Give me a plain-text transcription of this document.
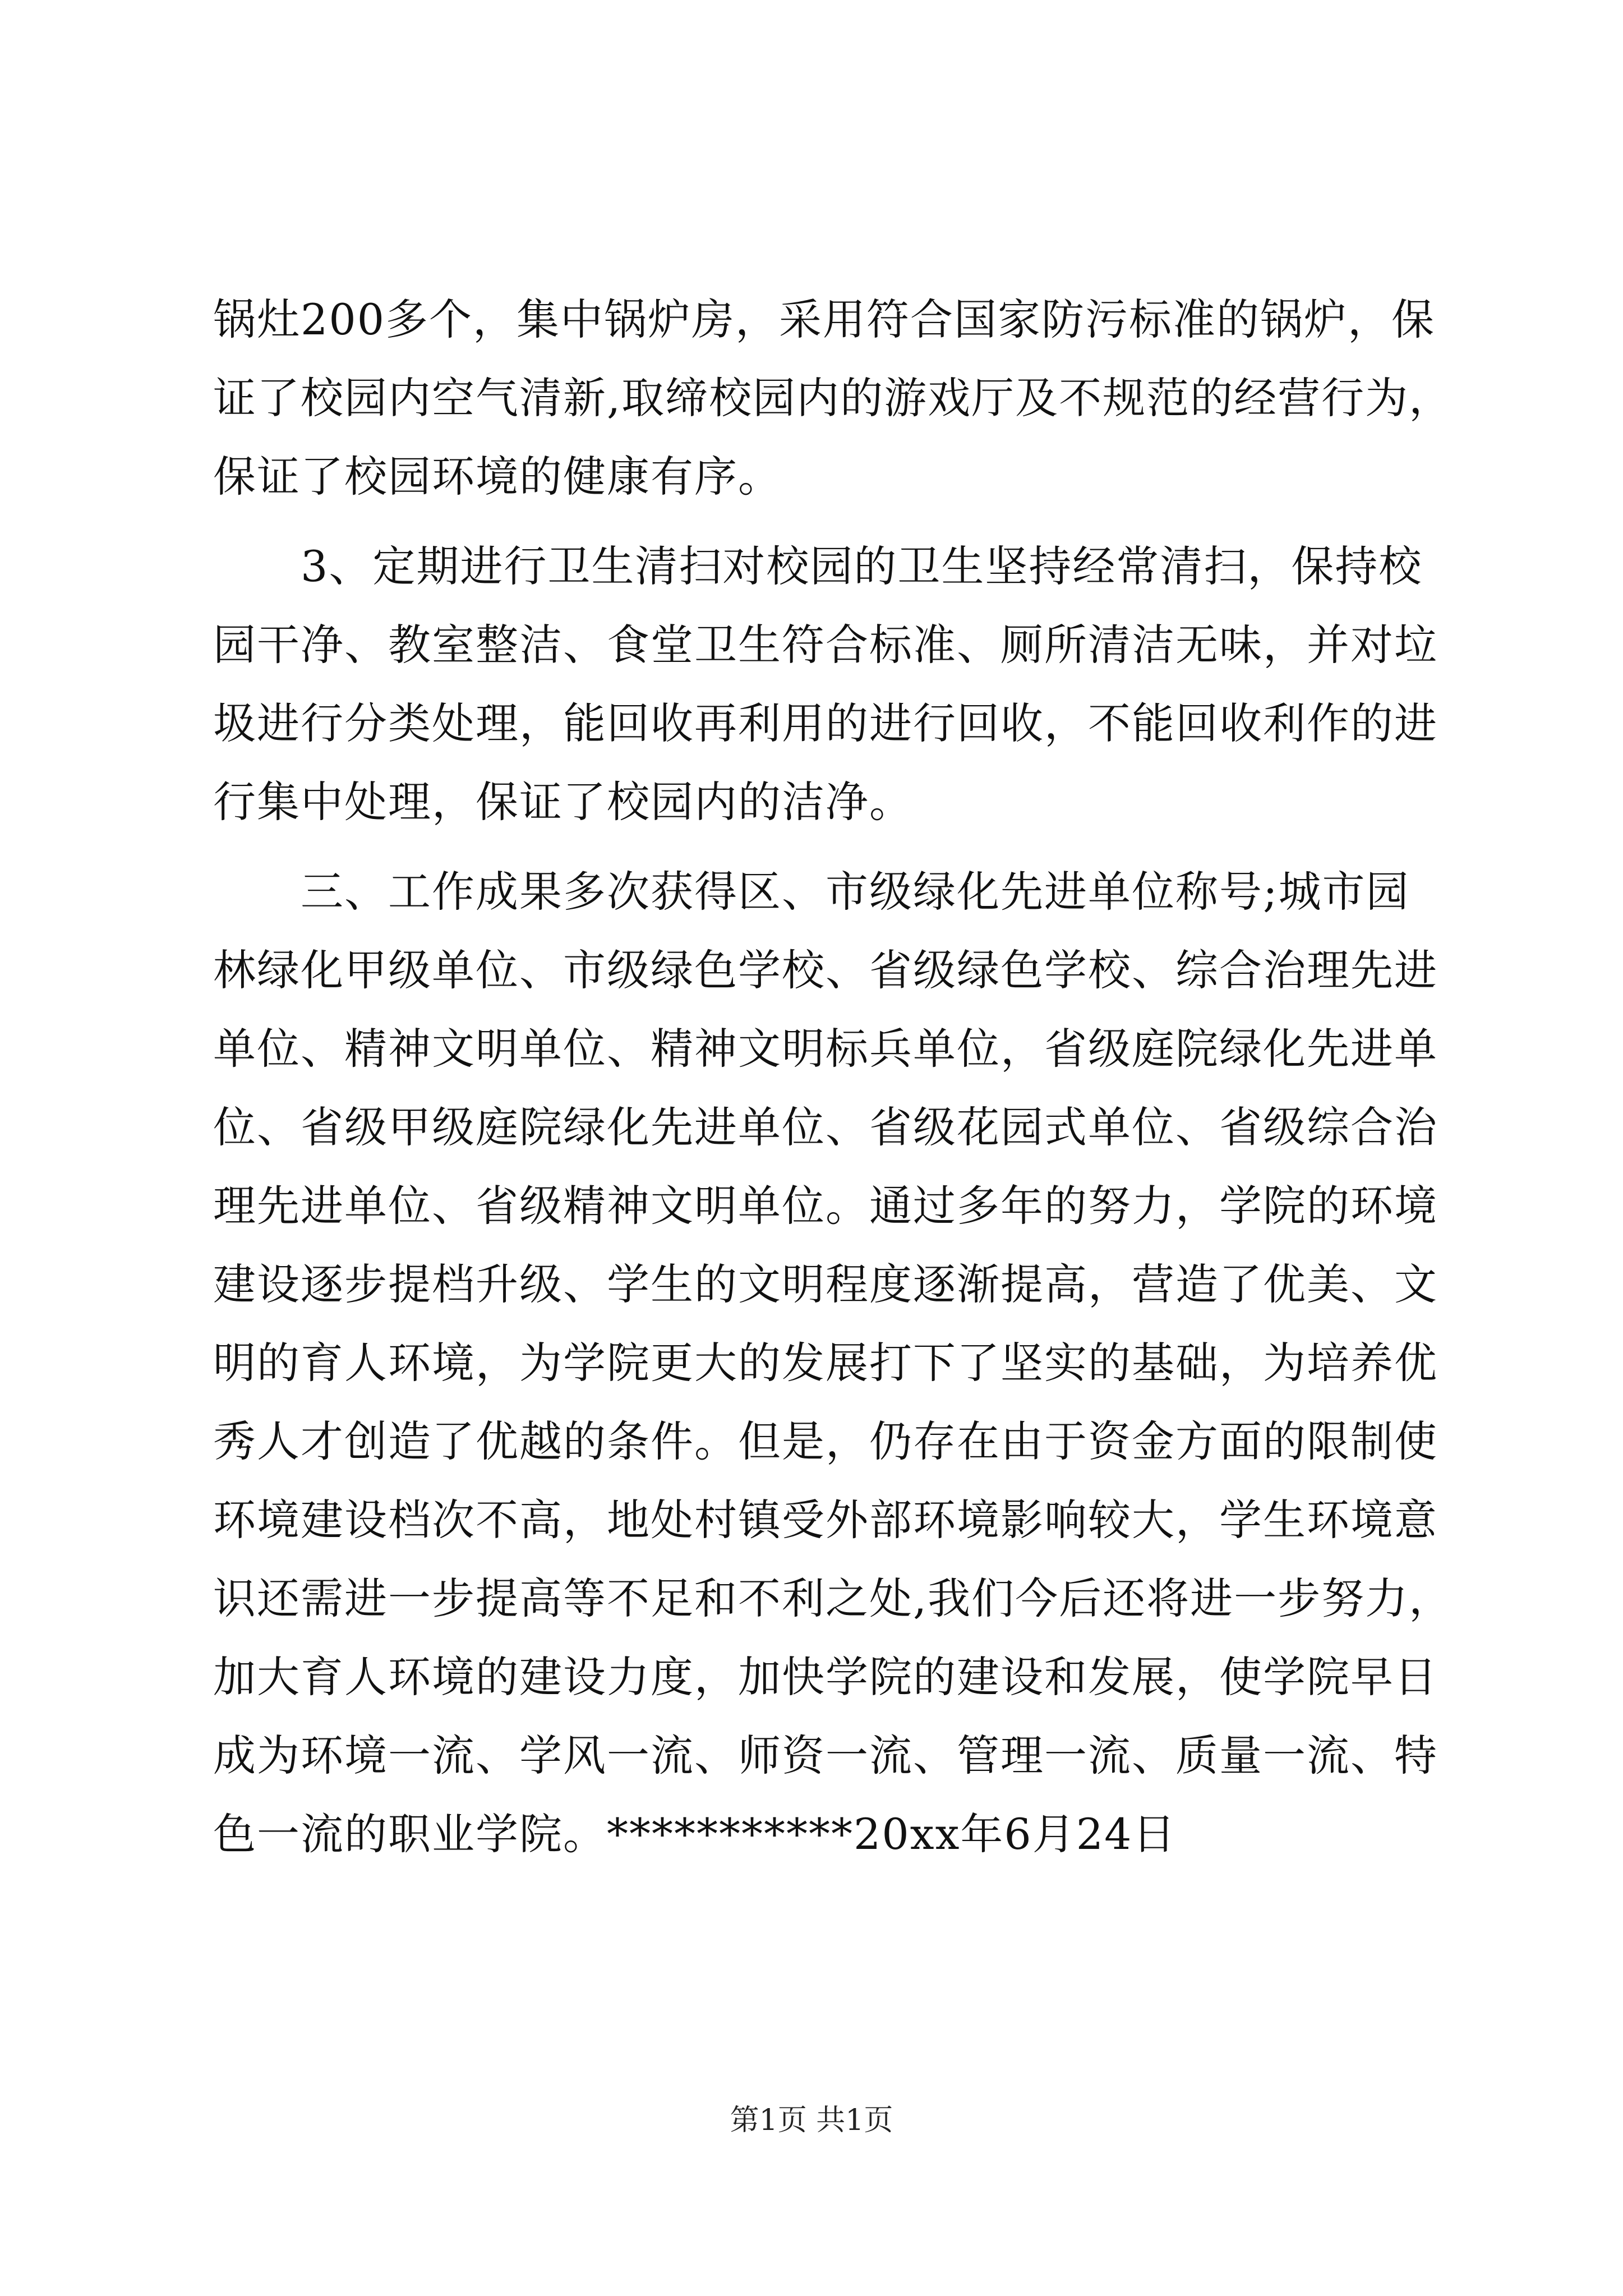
锅灶200多个，集中锅炉房，采用符合国家防污标准的锅炉，保

证了校园内空气清新,取缔校园内的游戏厅及不规范的经营行为，

保证了校园环境的健康有序。

　　3、定期进行卫生清扫对校园的卫生坚持经常清扫，保持校

园干净、教室整洁、食堂卫生符合标准、厕所清洁无味，并对垃

圾进行分类处理，能回收再利用的进行回收，不能回收利作的进

行集中处理，保证了校园内的洁净。

　　三、工作成果多次获得区、市级绿化先进单位称号;城市园

林绿化甲级单位、市级绿色学校、省级绿色学校、综合治理先进

单位、精神文明单位、精神文明标兵单位，省级庭院绿化先进单

位、省级甲级庭院绿化先进单位、省级花园式单位、省级综合治

理先进单位、省级精神文明单位。通过多年的努力，学院的环境

建设逐步提档升级、学生的文明程度逐渐提高，营造了优美、文

明的育人环境，为学院更大的发展打下了坚实的基础，为培养优

秀人才创造了优越的条件。但是，仍存在由于资金方面的限制使

环境建设档次不高，地处村镇受外部环境影响较大，学生环境意

识还需进一步提高等不足和不利之处,我们今后还将进一步努力，

加大育人环境的建设力度，加快学院的建设和发展，使学院早日

成为环境一流、学风一流、师资一流、管理一流、质量一流、特

色一流的职业学院。***********20xx年6月24日

第1页 共1页
